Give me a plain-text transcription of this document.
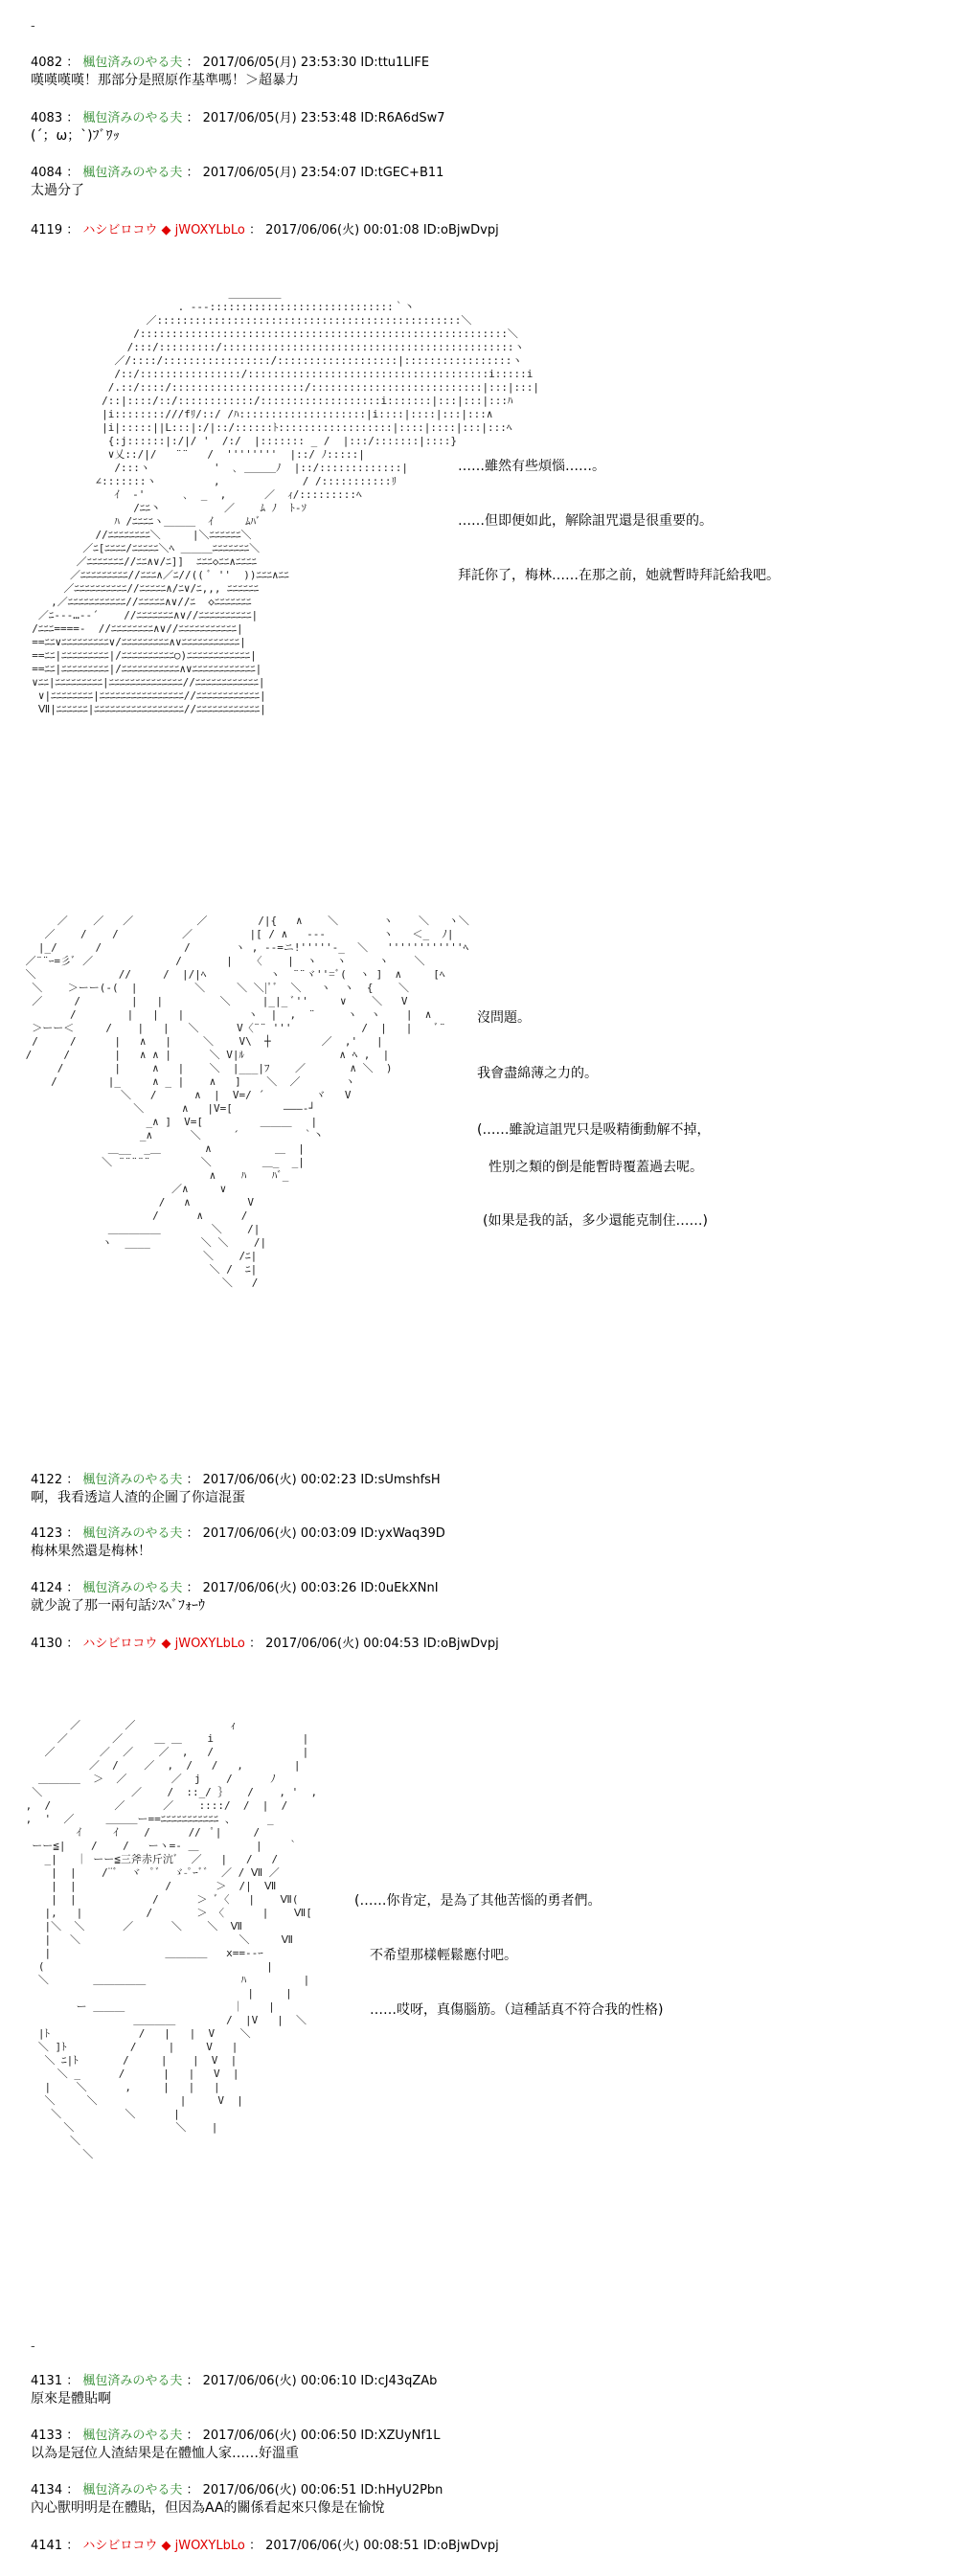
-
4082 ： 楓包済みのやる夫 ： 2017/06/05(月) 23:53:30 ID:ttu1LIFE
嘆嘆嘆嘆！那部分是照原作基準嗎！＞超暴力
4083 ： 楓包済みのやる夫 ： 2017/06/05(月) 23:53:48 ID:R6A6dSw7
(´；ω；`)ﾌﾞﾜｯ
4084 ： 楓包済みのやる夫 ： 2017/06/05(月) 23:54:07 ID:tGEC+B11
太過分了
4119 ： ハシビロコウ ◆ jWOXYLbLo ： 2017/06/06(火) 00:01:08 ID:oBjwDvpj
＿＿＿＿＿
. -‐‐:::::::::::::::::::::::::::::｀丶
／::::::::::::::::::::::::::::::::::::::::::::::::＼
/::::::::::::::::::::::::::::::::::::::::::::::::::::::::::＼
/:::/:::::::::/::::::::::::::::::::::::::::::::::::::::::::::ヽ
／/::::/:::::::::::::::::/:::::::::::::::::::|:::::::::::::::::ヽ
/::/::::::::::::::::/::::::::::::::::::::::::::::::::::::::i:::::i
/.::/::::/:::::::::::::::::::::/:::::::::::::::::::::::::::|:::|:::|
/::|::::/::/::::::::::::/:::::::::::::::::::i:::::::|:::|:::|:::ﾊ
|i::::::::///fﾘ/::/ /ﾊ::::::::::::::::::::|i::::|::::|:::|:::∧
|i|:::::||L:::|:/|::/::::::ﾄ::::::::::::::::::|::::|::::|:::|:::ﾍ
{:j::::::|:/|/ '  /:/  |::::::: _ /  |:::/:::::::|::::}
∨乂::/|/   ¨¨   /  ''''''''  |::/ ﾉ:::::|
/:::ヽ          '  ､ ＿＿＿ﾉ  |::/:::::::::::::|
∠:::::::ヽ         ,             / /:::::::::::ﾘ
ｲ  -'      ､  _  ,      ／  ｨ/:::::::::ﾍ
/ﾆﾆ丶          ／    ﾑ ﾉ  ﾄ-ｿ
ﾊ /ﾆﾆﾆﾆヽ＿＿＿  ｲ     ﾑﾊﾞ
//ﾆﾆﾆﾆﾆﾆﾆﾆ＼     |＼ﾆﾆﾆﾆﾆﾆ＼
／ﾆ[ﾆﾆﾆﾆ/ﾆﾆﾆﾆﾆ＼ﾍ ＿＿＿ﾆﾆﾆﾆﾆﾆﾆ＼
／ﾆﾆﾆﾆﾆﾆﾆ//ﾆﾆ∧∨/ﾆ]]  ﾆﾆﾆ◇ﾆﾆ∧ﾆﾆﾆﾆ
／ﾆﾆﾆﾆﾆﾆﾆﾆﾆ//ﾆﾆﾆ∧／ﾆ//(( ﾞ ''  ))ﾆﾆﾆ∧ﾆﾆ
／ﾆﾆﾆﾆﾆﾆﾆﾆﾆﾆ//ﾆﾆﾆﾆﾆ∧/ﾆ∨/ﾆ,,, ﾆﾆﾆﾆﾆﾆ
,／ﾆﾆﾆﾆﾆﾆﾆﾆﾆﾆﾆ//ﾆﾆﾆﾆﾆ∧∨//ﾆ  ◇ﾆﾆﾆﾆﾆﾆﾆ
／ﾆ--‐…‐‐´    //ﾆﾆﾆﾆﾆﾆﾆ∧∨//ﾆﾆﾆﾆﾆﾆﾆﾆﾆﾆ|
/ﾆﾆﾆ====-  //ﾆﾆﾆﾆﾆﾆﾆﾆ∧∨//ﾆﾆﾆﾆﾆﾆﾆﾆﾆﾆﾆ|
==ﾆﾆ∨ﾆﾆﾆﾆﾆﾆﾆﾆﾆ∨/ﾆﾆﾆﾆﾆﾆﾆﾆﾆ∧∨ﾆﾆﾆﾆﾆﾆﾆﾆﾆﾆﾆ|
==ﾆﾆ|ﾆﾆﾆﾆﾆﾆﾆﾆﾆ|/ﾆﾆﾆﾆﾆﾆﾆﾆﾆﾆ○)ﾆﾆﾆﾆﾆﾆﾆﾆﾆﾆﾆﾆ|
==ﾆﾆ|ﾆﾆﾆﾆﾆﾆﾆﾆﾆ|/ﾆﾆﾆﾆﾆﾆﾆﾆﾆﾆﾆ∧∨ﾆﾆﾆﾆﾆﾆﾆﾆﾆﾆﾆﾆ|
∨ﾆﾆ|ﾆﾆﾆﾆﾆﾆﾆﾆﾆ|ﾆﾆﾆﾆﾆﾆﾆﾆﾆﾆﾆﾆﾆﾆ//ﾆﾆﾆﾆﾆﾆﾆﾆﾆﾆﾆﾆ|
∨|ﾆﾆﾆﾆﾆﾆﾆﾆ|ﾆﾆﾆﾆﾆﾆﾆﾆﾆﾆﾆﾆﾆﾆﾆﾆ//ﾆﾆﾆﾆﾆﾆﾆﾆﾆﾆﾆﾆ|
Ⅶ|ﾆﾆﾆﾆﾆﾆ|ﾆﾆﾆﾆﾆﾆﾆﾆﾆﾆﾆﾆﾆﾆﾆﾆﾆ//ﾆﾆﾆﾆﾆﾆﾆﾆﾆﾆﾆﾆ|
……雖然有些煩惱……。
……但即便如此，解除詛咒還是很重要的。
拜託你了，梅林……在那之前，她就暫時拜託給我吧。
／    ／   ／          ／        /|{   ∧    ＼       ヽ    ＼   ヽ＼
／    /    /          ／         |[ / ∧   ‐‐‐         ヽ   ＜_  ﾉ|
|_/      /             /       ヽ , --=ニ!'''''-_  ＼   ''''''''''''ﾍ
／¨¨ｰ=彡ﾞ ／             /       |   〈    |  ヽ   ヽ     ヽ    ＼
＼             //     /  |/|ﾍ          ヽ  ¨¨ヾ''=ﾞ(  ヽ ]  ∧     [ﾍ
＼    ＞ーー(-(  |         ＼     ＼ ＼|ﾟﾞ  ＼   ヽ  ヽ  {    ＼
／     /        |   |         ＼     |_|_ ﾞ''     ∨    ＼   V
/        |   |   |          ヽ  |  ,  ¨     ヽ  ヽ    |  ∧
＞ーー＜     /    |   |   ＼      V〈¨¨ '''           /  |   |    ﾞ¨
/     /      |   ∧   |     ＼    V\  ┼        ／  ,'   |
/     /       |   ∧ ∧ |      ＼ V|ﾙ               ∧ ﾍ ,  |
/        |     ∧   |    ＼  |___|ﾌ    ／       ∧ ＼  )
/        |_     ∧ _ |    ∧   ]    ＼  ／       ヽ
＼   /      ∧  |  V=/ ´        ヾ   V
＼      ∧   |V=[        ―――‐┘
_∧ ]  V=[         ＿＿＿   |
_∧      ＼     ´          ｀丶
＿__  _＿       ∧          ＿  |
＼ ¨¨¨¨¨        ＼        ＿_  _|
∧    ﾊ    ﾊﾞ_
／∧     ∨
/   ∧         V
/      ∧      /
＿＿＿＿＿        ＼    /|
ヽ  ____        ＼ ＼    /|
＼    /ﾆ|
＼ /  ﾆ|
＼   /
沒問題。
我會盡綿薄之力的。
(……雖說這詛咒只是吸精衝動解不掉，
性別之類的倒是能暫時覆蓋過去呢。
(如果是我的話，多少還能克制住……)
4122 ： 楓包済みのやる夫 ： 2017/06/06(火) 00:02:23 ID:sUmshfsH
啊，我看透這人渣的企圖了你這混蛋
4123 ： 楓包済みのやる夫 ： 2017/06/06(火) 00:03:09 ID:yxWaq39D
梅林果然還是梅林！
4124 ： 楓包済みのやる夫 ： 2017/06/06(火) 00:03:26 ID:0uEkXNnI
就少說了那一兩句話ｼｽﾍﾞﾌｫｰｳ
4130 ： ハシビロコウ ◆ jWOXYLbLo ： 2017/06/06(火) 00:04:53 ID:oBjwDvpj
／       ／               ｨ
／       ／     ＿ ＿    i              |
／       ／  ／    ／  ,   /              |
／  /    ／  ,  /   /   ,        |
＿＿＿＿  ＞  ／       ／  j    /      ﾉ
＼              ／    /  ::_/ ｝   /    , '  ,
,  /          ／      ／    ::::/  /  |  /
,  '  ／     ＿＿＿ー==ﾆﾆﾆﾆﾆﾆﾆﾆﾆﾆﾆ 、     _
ｲ     ｲ    /      //  ﾟ|     /
ーー≦|    /    /   ーヽ=- ＿         |    ｀
_|   ｜ ーー≦三斧赤斤沆ﾞ  ／   |   /   /
|  |    /¨ﾞ  ヾ  ﾟﾞ  ゞ-ﾟｰﾞﾞ  ／ / Ⅶ ／
|  |              /       ＞  /|  Ⅶ
|  |            /      ＞ ﾞ〈   |    Ⅶ(
|,   |          /       ＞ 〈      |    Ⅶ[
|＼  ＼      ／      ＼    ＼  Ⅶ
|   ＼                         ＼     Ⅶ
|                  ＿＿＿＿   x==--ｰ
(                                   |
＼       ＿＿＿＿＿               ﾊ         |
|     |
ー ＿＿＿                 ｜    |
＿＿＿＿        /  |V   |  ＼
|ﾄ              /   |   |  V    ＼
＼ ]ﾄ          /     |     V   |
＼ ﾆ|ﾄ       /     |    |  V  |
＼ _      /      |   |   V  |
|    ＼      ,     |   |   |
＼     ＼             |     V  |
＼          ＼      |
＼                ＼    |
＼
＼
(……你肯定，是為了其他苦惱的勇者們。
不希望那樣輕鬆應付吧。
……哎呀，真傷腦筋。（這種話真不符合我的性格)
-
4131 ： 楓包済みのやる夫 ： 2017/06/06(火) 00:06:10 ID:cJ43qZAb
原來是體貼啊
4133 ： 楓包済みのやる夫 ： 2017/06/06(火) 00:06:50 ID:XZUyNf1L
以為是冠位人渣結果是在體恤人家……好溫重
4134 ： 楓包済みのやる夫 ： 2017/06/06(火) 00:06:51 ID:hHyU2Pbn
內心獸明明是在體貼，但因為AA的關係看起來只像是在愉悅
4141 ： ハシビロコウ ◆ jWOXYLbLo ： 2017/06/06(火) 00:08:51 ID:oBjwDvpj
